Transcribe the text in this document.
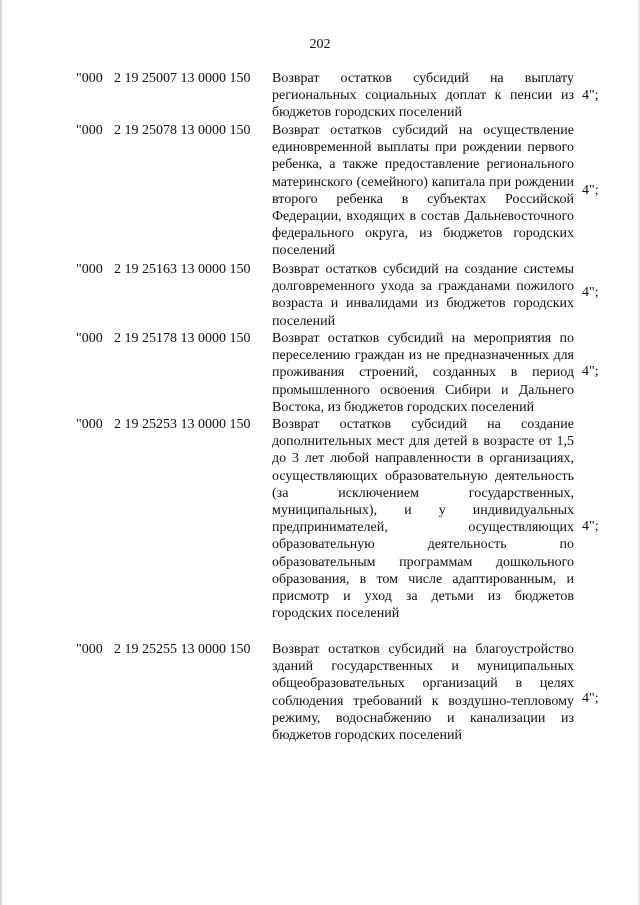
202
"000 2 19 25007 13 0000 150 Возврат остатков субсидий на выплату региональных социальных доплат к пенсии из бюджетов городских поселений

4";
"000 2 19 25078 13 0000 150 Возврат остатков субсидий на осуществление единовременной выплаты при рождении первого ребенка, а также предоставление регионального материнского (семейного) капитала при рождении второго ребенка в субъектах Российской Федерации, входящих в состав Дальневосточного федерального округа, из бюджетов городских поселений

4";
"000 2 19 25163 13 0000 150 Возврат остатков субсидий на создание системы долговременного ухода за гражданами пожилого возраста и инвалидами из бюджетов городских поселений

4";
"000 2 19 25178 13 0000 150 Возврат остатков субсидий на мероприятия по переселению граждан из не предназначенных для проживания строений, созданных в период промышленного освоения Сибири и Дальнего Востока, из бюджетов городских поселений

4";
"000 2 19 25253 13 0000 150 Возврат остатков субсидий на создание дополнительных мест для детей в возрасте от 1,5 до 3 лет любой направленности в организациях, осуществляющих образовательную деятельность (за исключением государственных, муниципальных), и у индивидуальных предпринимателей, осуществляющих образовательную деятельность по образовательным программам дошкольного образования, в том числе адаптированным, и присмотр и уход за детьми из бюджетов городских поселений

4";
"000 2 19 25255 13 0000 150 Возврат остатков субсидий на благоустройство зданий государственных и муниципальных общеобразовательных организаций в целях соблюдения требований к воздушно-тепловому режиму, водоснабжению и канализации из бюджетов городских поселений

4";
